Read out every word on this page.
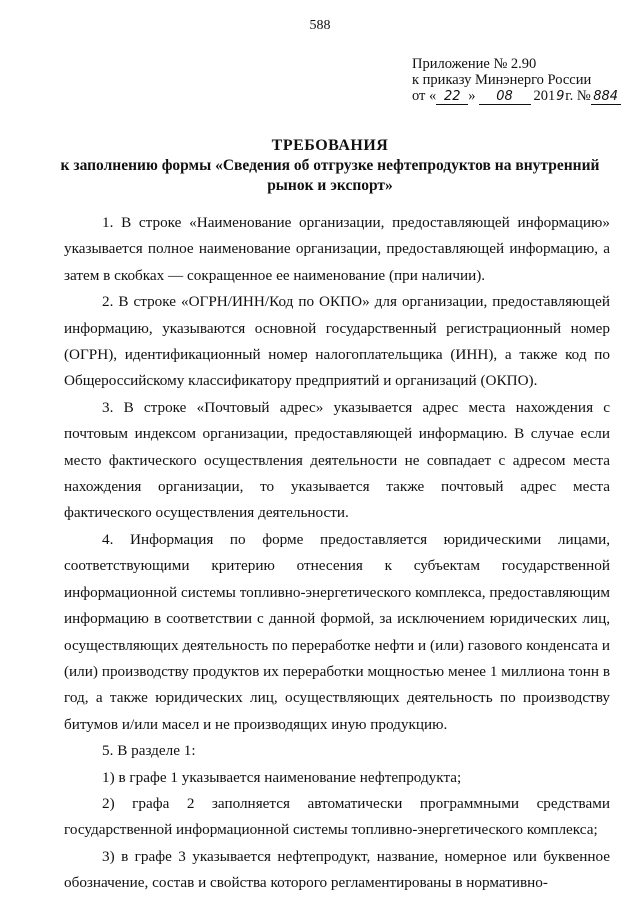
588
Приложение № 2.90
к приказу Минэнерго России
от « 22 » 08 2019г. № 884
ТРЕБОВАНИЯ
к заполнению формы «Сведения об отгрузке нефтепродуктов на внутренний рынок и экспорт»

1. В строке «Наименование организации, предоставляющей информацию» указывается полное наименование организации, предоставляющей информацию, а затем в скобках — сокращенное ее наименование (при наличии).

2. В строке «ОГРН/ИНН/Код по ОКПО» для организации, предоставляющей информацию, указываются основной государственный регистрационный номер (ОГРН), идентификационный номер налогоплательщика (ИНН), а также код по Общероссийскому классификатору предприятий и организаций (ОКПО).

3. В строке «Почтовый адрес» указывается адрес места нахождения с почтовым индексом организации, предоставляющей информацию. В случае если место фактического осуществления деятельности не совпадает с адресом места нахождения организации, то указывается также почтовый адрес места фактического осуществления деятельности.

4. Информация по форме предоставляется юридическими лицами, соответствующими критерию отнесения к субъектам государственной информационной системы топливно-энергетического комплекса, предоставляющим информацию в соответствии с данной формой, за исключением юридических лиц, осуществляющих деятельность по переработке нефти и (или) газового конденсата и (или) производству продуктов их переработки мощностью менее 1 миллиона тонн в год, а также юридических лиц, осуществляющих деятельность по производству битумов и/или масел и не производящих иную продукцию.

5. В разделе 1:

1) в графе 1 указывается наименование нефтепродукта;

2) графа 2 заполняется автоматически программными средствами государственной информационной системы топливно-энергетического комплекса;

3) в графе 3 указывается нефтепродукт, название, номерное или буквенное обозначение, состав и свойства которого регламентированы в нормативно-
